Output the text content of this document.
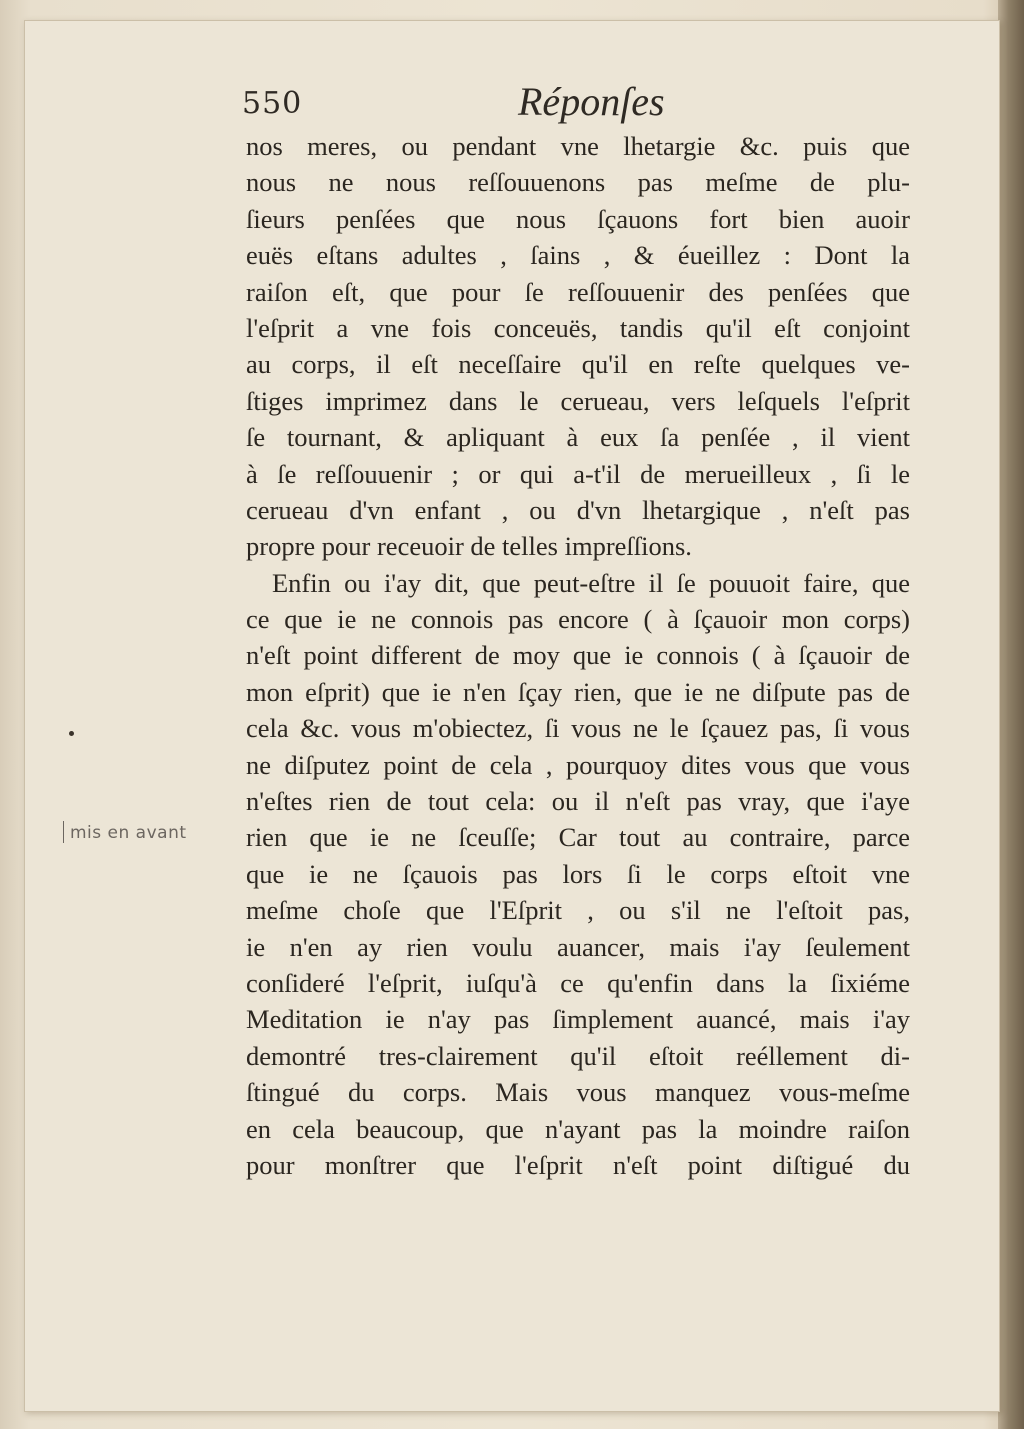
mis en avant
550	Réponſes
nos meres, ou pendant vne lhetargie &c. puis que
nous ne nous reſſouuenons pas meſme de plu-
ſieurs penſées que nous ſçauons fort bien auoir
euës eſtans adultes , ſains , & éueillez : Dont la
raiſon eſt, que pour ſe reſſouuenir des penſées que
l'eſprit a vne fois conceuës, tandis qu'il eſt conjoint
au corps, il eſt neceſſaire qu'il en reſte quelques ve-
ſtiges imprimez dans le cerueau, vers leſquels l'eſprit
ſe tournant, & apliquant à eux ſa penſée , il vient
à ſe reſſouuenir ; or qui a-t'il de merueilleux , ſi le
cerueau d'vn enfant , ou d'vn lhetargique , n'eſt pas
propre pour receuoir de telles impreſſions.
Enfin ou i'ay dit, que peut-eſtre il ſe pouuoit faire, que
ce que ie ne connois pas encore ( à ſçauoir mon corps)
n'eſt point different de moy que ie connois ( à ſçauoir de
mon eſprit) que ie n'en ſçay rien, que ie ne diſpute pas de
cela &c. vous m'obiectez, ſi vous ne le ſçauez pas, ſi vous
ne diſputez point de cela , pourquoy dites vous que vous
n'eſtes rien de tout cela: ou il n'eſt pas vray, que i'aye
rien que ie ne ſceuſſe; Car tout au contraire, parce
que ie ne ſçauois pas lors ſi le corps eſtoit vne
meſme choſe que l'Eſprit , ou s'il ne l'eſtoit pas,
ie n'en ay rien voulu auancer, mais i'ay ſeulement
conſideré l'eſprit, iuſqu'à ce qu'enfin dans la ſixiéme
Meditation ie n'ay pas ſimplement auancé, mais i'ay
demontré tres-clairement qu'il eſtoit reéllement di-
ſtingué du corps. Mais vous manquez vous-meſme
en cela beaucoup, que n'ayant pas la moindre raiſon
pour monſtrer que l'eſprit n'eſt point diſtigué du
